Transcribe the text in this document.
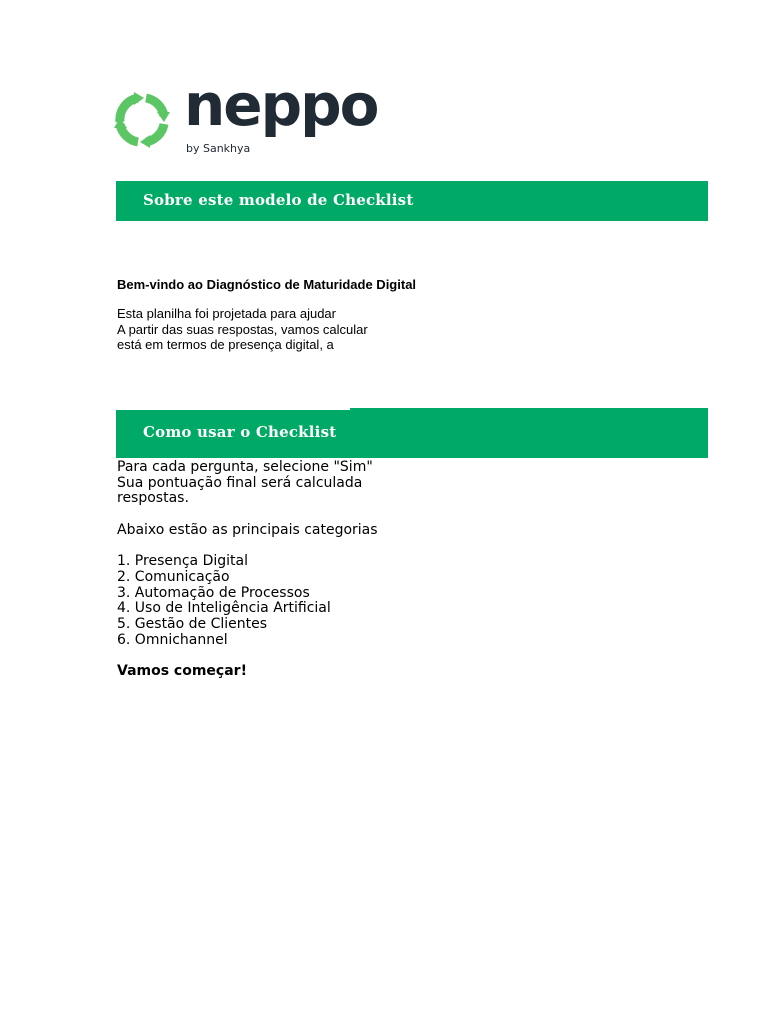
neppo
by Sankhya
Sobre este modelo de Checklist
Bem-vindo ao Diagnóstico de Maturidade Digital
Esta planilha foi projetada para ajudar
A partir das suas respostas, vamos calcular
está em termos de presença digital, a
Como usar o Checklist
Para cada pergunta, selecione "Sim"
Sua pontuação final será calculada
respostas.
Abaixo estão as principais categorias
1. Presença Digital
2. Comunicação
3. Automação de Processos
4. Uso de Inteligência Artificial
5. Gestão de Clientes
6. Omnichannel
Vamos começar!
